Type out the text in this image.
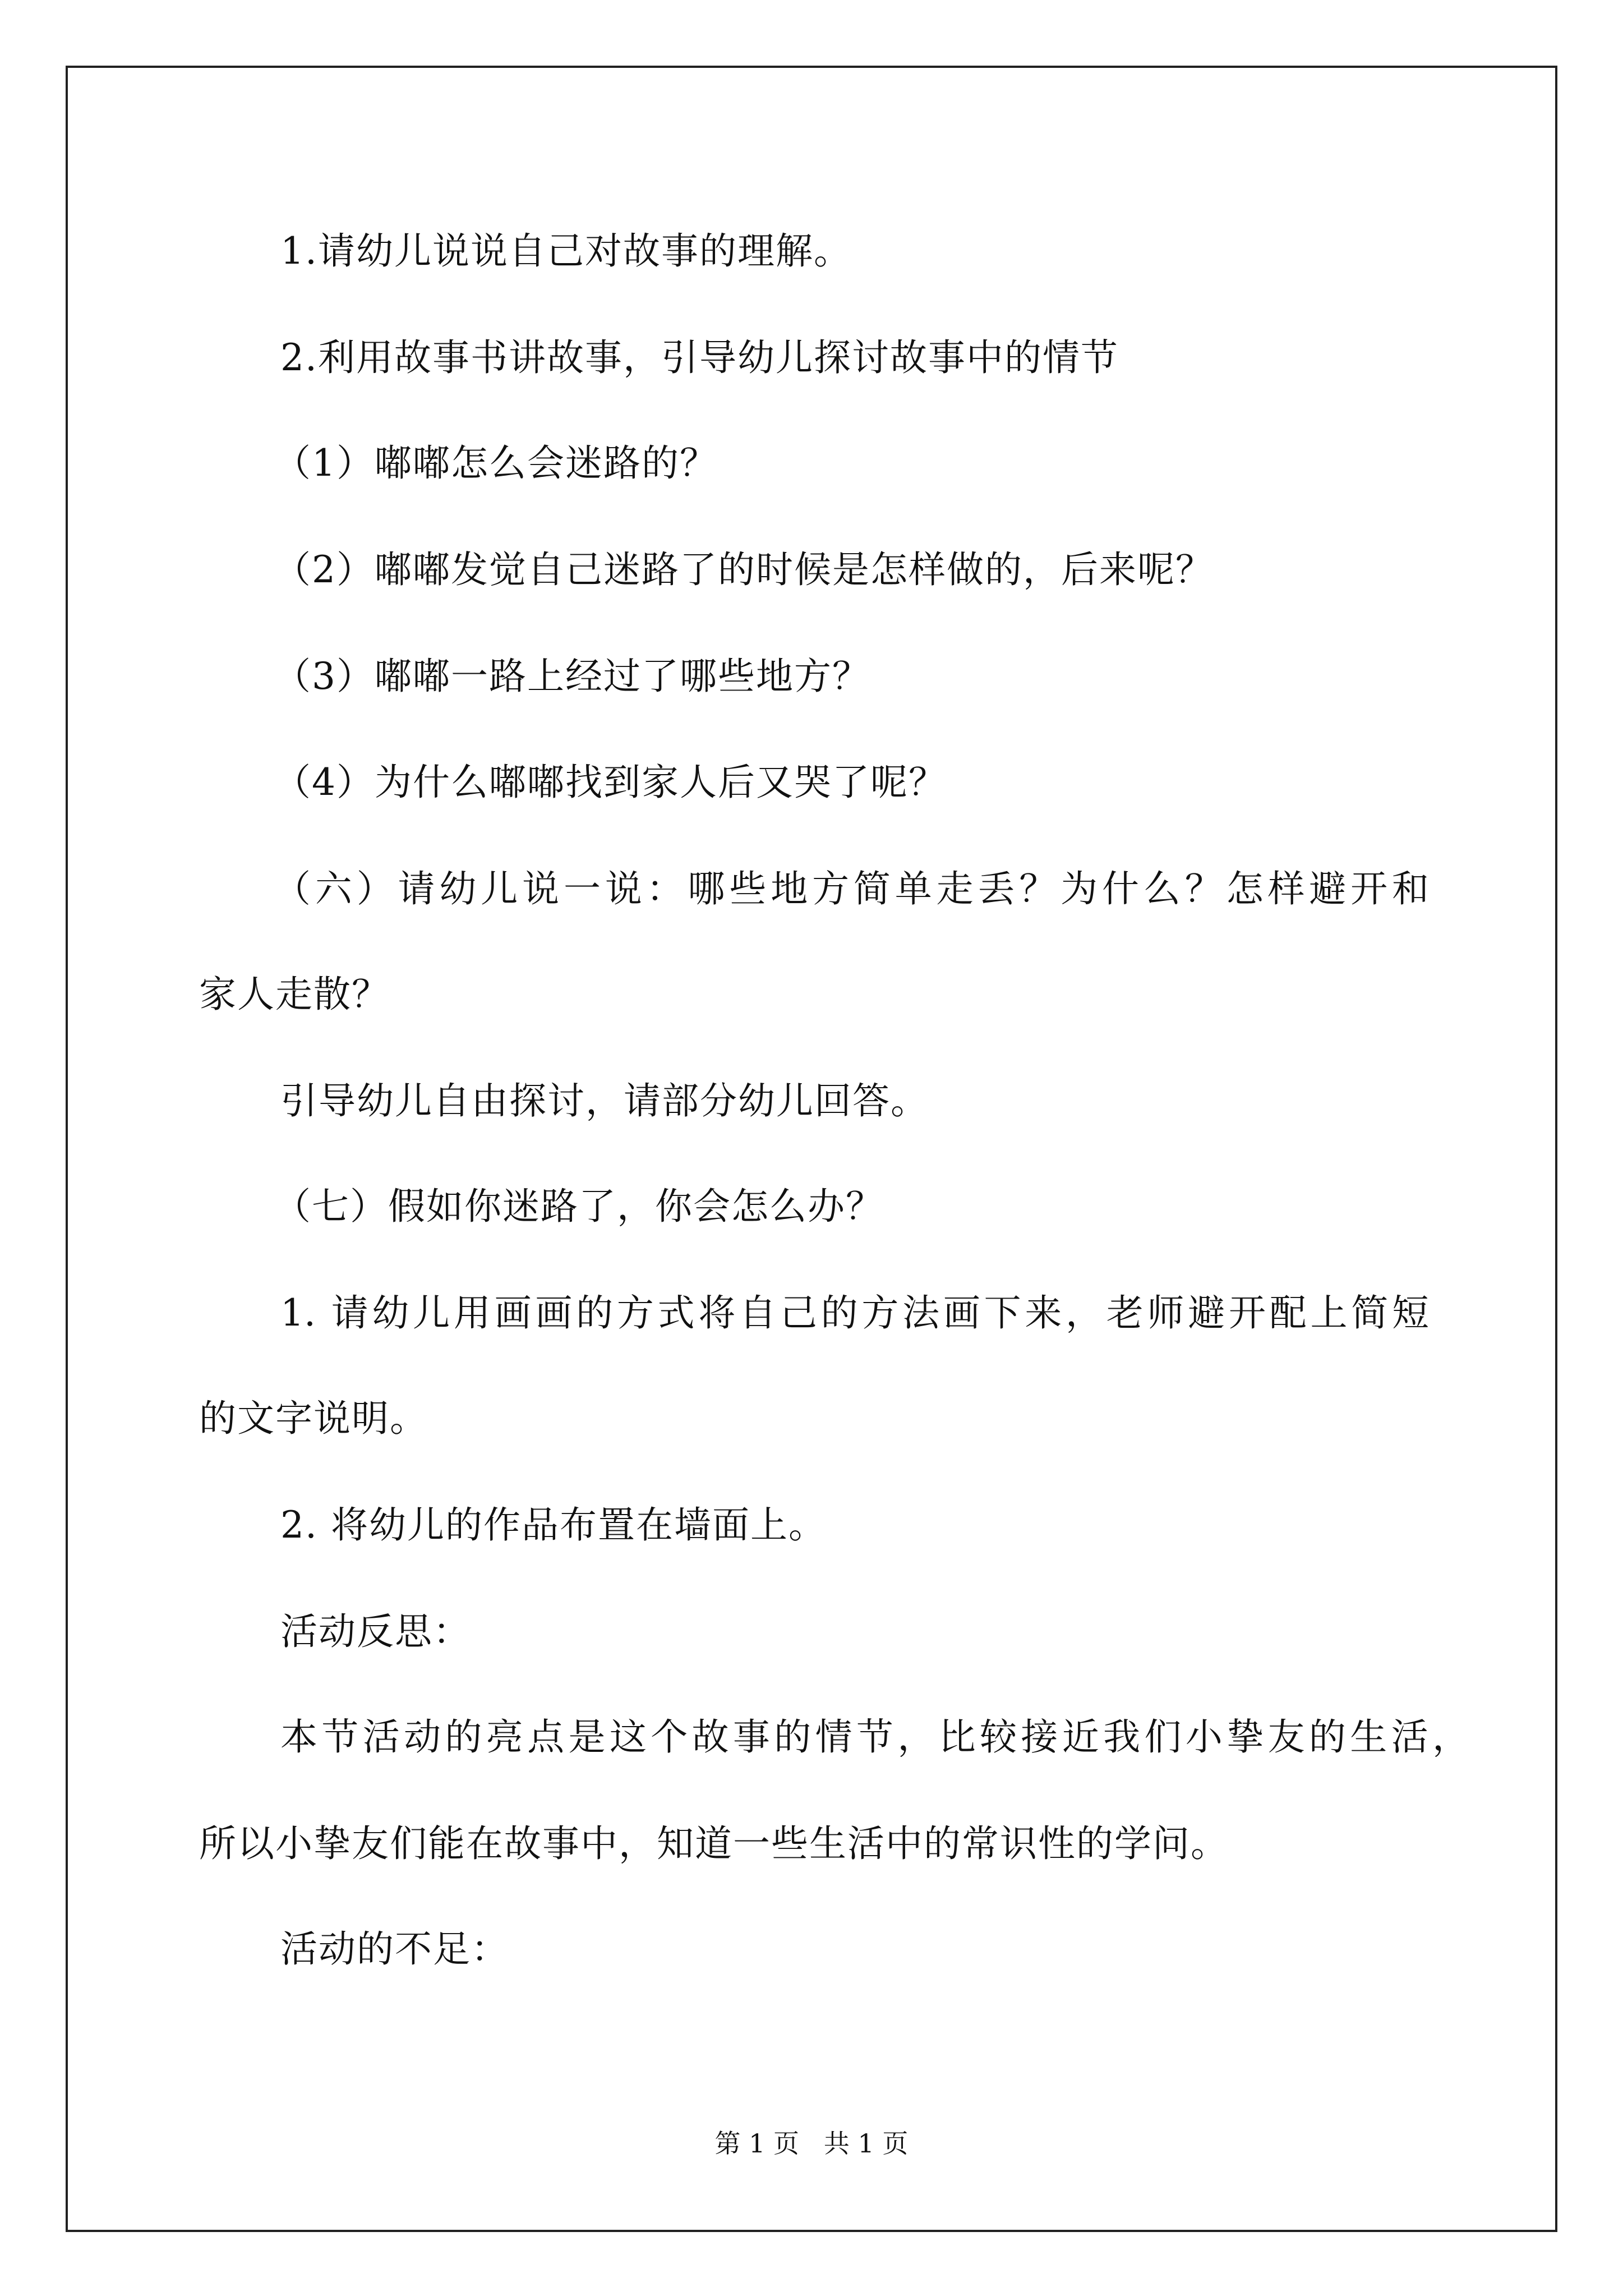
1.请幼儿说说自己对故事的理解。
2.利用故事书讲故事，引导幼儿探讨故事中的情节
（1）嘟嘟怎么会迷路的？
（2）嘟嘟发觉自己迷路了的时候是怎样做的，后来呢？
（3）嘟嘟一路上经过了哪些地方？
（4）为什么嘟嘟找到家人后又哭了呢？
（六）请幼儿说一说：哪些地方简单走丢？为什么？怎样避开和
家人走散？
引导幼儿自由探讨，请部分幼儿回答。
（七）假如你迷路了，你会怎么办？
1. 请幼儿用画画的方式将自己的方法画下来，老师避开配上简短
的文字说明。
2. 将幼儿的作品布置在墙面上。
活动反思：
本节活动的亮点是这个故事的情节，比较接近我们小挚友的生活，
所以小挚友们能在故事中，知道一些生活中的常识性的学问。
活动的不足：
第 1 页   共 1 页
